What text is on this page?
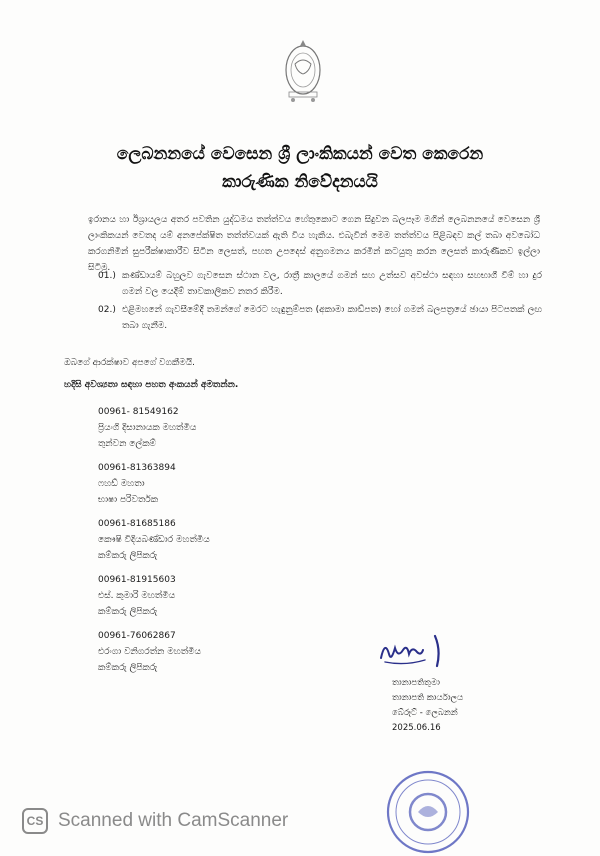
ලෙබනනයේ වෙසෙන ශ්‍රී ලාංකිකයන් වෙත කෙරෙන
කාරුණික නිවේදනයයි
ඉරානය හා ඊශ්‍රායලය අතර පවතින යුද්ධමය තත්ත්වය හේතුකොට ගෙන සිදුවන බලපෑම මගින් ලෙබනනයේ වෙසෙන ශ්‍රී ලාංකිකයන් වෙතද යම් අනපේක්ෂිත තත්ත්වයක් ඇති විය හැකිය. එබැවින් මෙම තත්ත්වය පිළිබඳව කල් තබා අවබෝධ කරගනිමින් සුපරීක්ෂාකාරීව සිටින ලෙසත්, පහත උපදෙස් අනුගමනය කරමින් කටයුතු කරන ලෙසත් කාරුණිකව ඉල්ලා සිටිමු.
01.) කණ්ඩායම් බහුලව ගැවසෙන ස්ථාන වල, රාත්‍රී කාලයේ ගමන් සහ උත්සව අවස්ථා සඳහා සහභාගී වීම් හා දුර ගමන් වල යෙදීම් තාවකාලිකව නතර කිරීම.
02.) එළිමහනේ ගැවසීමේදී තමන්ගේ මෙරට හැඳුනුම්පත (අකාමා කාඩ්පත) හෝ ගමන් බලපත්‍රයේ ඡායා පිටපතක් ලඟ තබා ගැනීම.
ඔබගේ ආරක්ෂාව අපගේ වගකීමයි.
හදිසි අවශ්‍යතා සඳහා පහත අංකයන් අමතන්න.
00961- 81549162
ප්‍රියංගි දිසානායක මහත්මිය
තුන්වන ලේකම්
00961-81363894
ෆහඩ් මහතා
භාෂා පරිවර්තක
00961-81685186
කෞෂි විදියබණ්ඩාර මහත්මිය
කම්කරු ලිපිකරු
00961-81915603
එස්. කුමාරි මහත්මිය
කම්කරු ලිපිකරු
00961-76062867
එරංගා වනිගරත්න මහත්මිය
කම්කරු ලිපිකරු
තානාපතිතුමා
තානාපති කාර්යාලය
බේරූට් - ලෙබනන්
2025.06.16
CS Scanned with CamScanner
